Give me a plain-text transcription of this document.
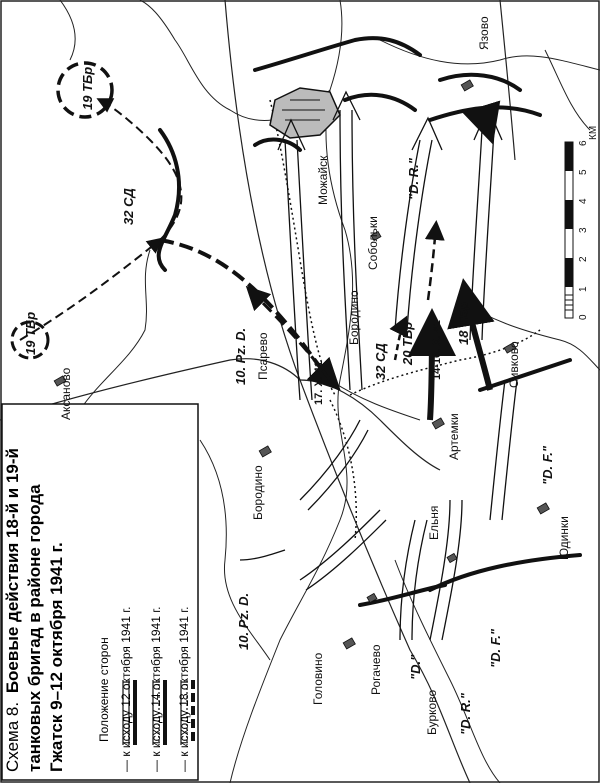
Схема 8. Боевые действия 18-й и 19-й танковых бригад в районе города Гжатск 9–12 октября 1941 г.	Положение сторон — к исходу 12 октября 1941 г. — к исходу 14 октября 1941 г. — к исходу 18 октября 1941 г.
Язово
Можайск
Собольки
Бородино
Псарево
Аксаново
Артемки
Ельня
Сивково
Юдинки
Бородино
Головино	Рогачево
Бурково
19 ТБр
19 ТБр
32 СД
32 СД
10. Pz. D.
10. Pz. D.
"D. R."
"D. R."
"D. F."
"D. F."
"D."
20 ТБр	18 ТБр
14-16. X. 41
17. X. 41
КМ
0
1
2
3
4
5
6
